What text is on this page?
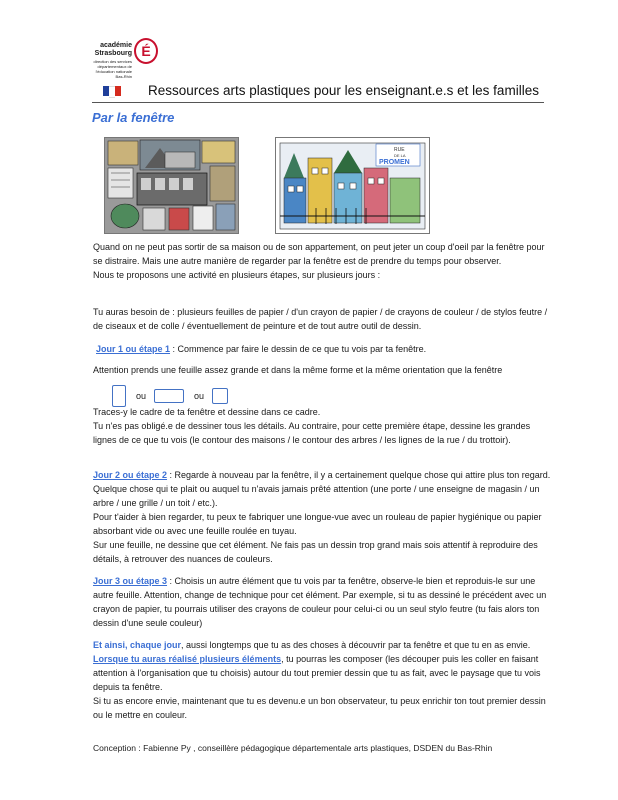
É
académie Strasbourg
direction des services départementaux de l'éducation nationale Bas-Rhin
Ressources arts plastiques pour les enseignant.e.s et les familles
Par la fenêtre
RUE
DE LA
PROMEN

Quand on ne peut pas sortir de sa maison ou de son appartement, on peut jeter un coup d'oeil par la fenêtre pour se distraire. Mais une autre manière de regarder par la fenêtre est de prendre du temps pour observer.

Nous te proposons une activité en plusieurs étapes, sur plusieurs jours :

Tu auras besoin de : plusieurs feuilles de papier / d'un crayon de papier / de crayons de couleur / de stylos feutre / de ciseaux et de colle / éventuellement de peinture et de tout autre outil de dessin.
Jour 1 ou étape 1 : Commence par faire le dessin de ce que tu vois par ta fenêtre.
Attention prends une feuille assez grande et dans la même forme et la même orientation que la fenêtre
ou	ou

Traces-y le cadre de ta fenêtre et dessine dans ce cadre.

Tu n'es pas obligé.e de dessiner tous les détails. Au contraire, pour cette première étape, dessine les grandes lignes de ce que tu vois (le contour des maisons / le contour des arbres / les lignes de la rue / du trottoir).

Jour 2 ou étape 2 : Regarde à nouveau par la fenêtre, il y a certainement quelque chose qui attire plus ton regard. Quelque chose qui te plait ou auquel tu n'avais jamais prêté attention (une porte / une enseigne de magasin / un arbre / une grille / un toit / etc.).

Pour t'aider à bien regarder, tu peux te fabriquer une longue-vue avec un rouleau de papier hygiénique ou papier absorbant vide ou avec une feuille roulée en tuyau.

Sur une feuille, ne dessine que cet élément. Ne fais pas un dessin trop grand mais sois attentif à reproduire des détails, à retrouver des nuances de couleurs.

Jour 3 ou étape 3 : Choisis un autre élément que tu vois par ta fenêtre, observe-le bien et reproduis-le sur une autre feuille. Attention, change de technique pour cet élément. Par exemple, si tu as dessiné le précédent avec un crayon de papier, tu pourrais utiliser des crayons de couleur pour celui-ci ou un seul stylo feutre (tu fais alors ton dessin d'une seule couleur)

Et ainsi, chaque jour, aussi longtemps que tu as des choses à découvrir par ta fenêtre et que tu en as envie.

Lorsque tu auras réalisé plusieurs éléments, tu pourras les composer (les découper puis les coller en faisant attention à l'organisation que tu choisis) autour du tout premier dessin que tu as fait, avec le paysage que tu vois depuis ta fenêtre.

Si tu as encore envie, maintenant que tu es devenu.e un bon observateur, tu peux enrichir ton tout premier dessin ou le mettre en couleur.

Conception : Fabienne Py , conseillère pédagogique départementale arts plastiques, DSDEN du Bas-Rhin
